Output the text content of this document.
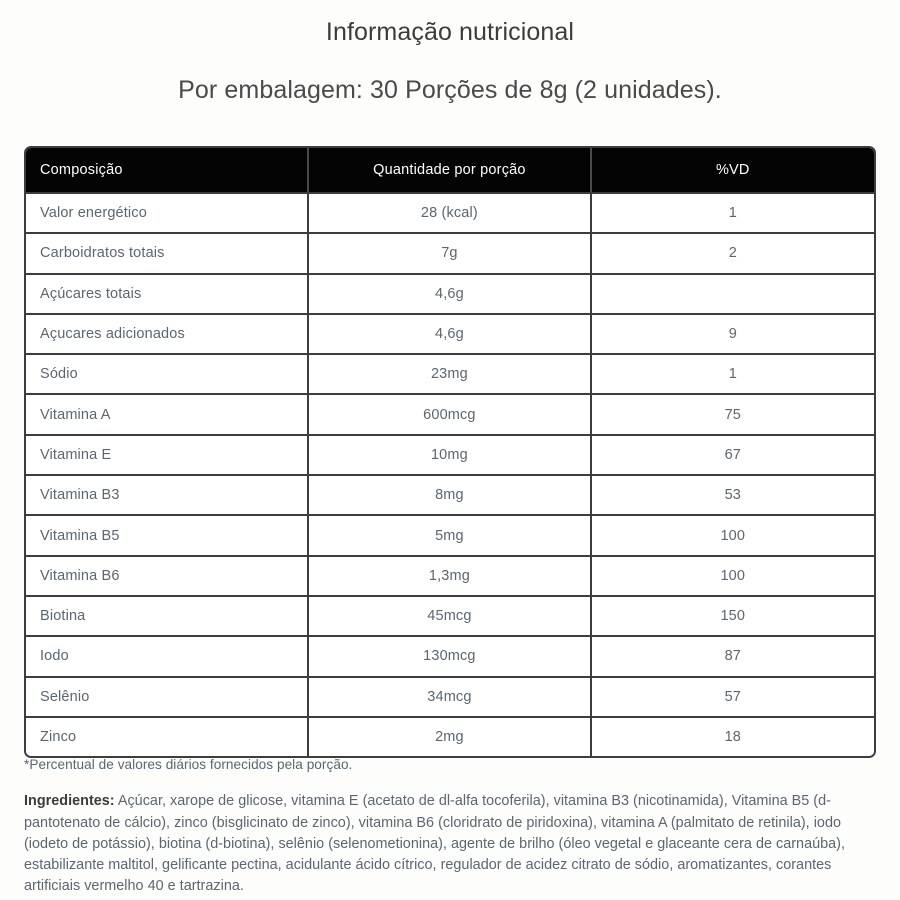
Informação nutricional
Por embalagem: 30 Porções de 8g (2 unidades).
Composição	Quantidade por porção	%VD
Valor energético	28 (kcal)	1
Carboidratos totais	7g	2
Açúcares totais	4,6g	
Açucares adicionados	4,6g	9
Sódio	23mg	1
Vitamina A	600mcg	75
Vitamina E	10mg	67
Vitamina B3	8mg	53
Vitamina B5	5mg	100
Vitamina B6	1,3mg	100
Biotina	45mcg	150
Iodo	130mcg	87
Selênio	34mcg	57
Zinco	2mg	18
*Percentual de valores diários fornecidos pela porção.

Ingredientes: Açúcar, xarope de glicose, vitamina E (acetato de dl-alfa tocoferila), vitamina B3 (nicotinamida), Vitamina B5 (d-pantotenato de cálcio), zinco (bisglicinato de zinco), vitamina B6 (cloridrato de piridoxina), vitamina A (palmitato de retinila), iodo (iodeto de potássio), biotina (d-biotina), selênio (selenometionina), agente de brilho (óleo vegetal e glaceante cera de carnaúba), estabilizante maltitol, gelificante pectina, acidulante ácido cítrico, regulador de acidez citrato de sódio, aromatizantes, corantes artificiais vermelho 40 e tartrazina.
